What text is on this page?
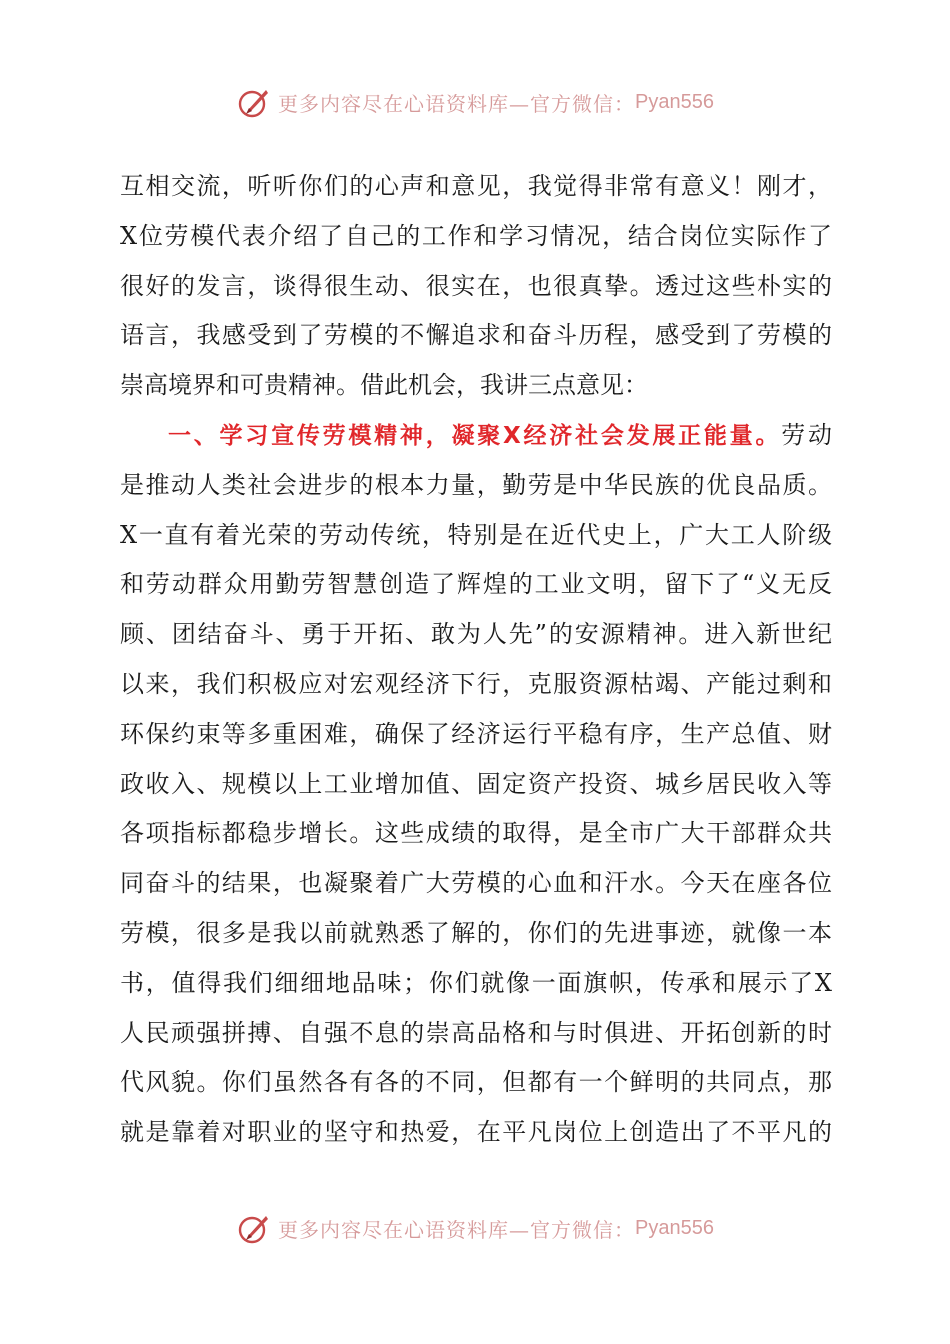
更多内容尽在心语资料库—官方微信： Pyan556
互相交流，听听你们的心声和意见，我觉得非常有意义！刚才，
X位劳模代表介绍了自己的工作和学习情况，结合岗位实际作了
很好的发言，谈得很生动、很实在，也很真挚。透过这些朴实的
语言，我感受到了劳模的不懈追求和奋斗历程，感受到了劳模的
崇高境界和可贵精神。借此机会，我讲三点意见：
一、学习宣传劳模精神，凝聚X经济社会发展正能量。劳动
是推动人类社会进步的根本力量，勤劳是中华民族的优良品质。
X一直有着光荣的劳动传统，特别是在近代史上，广大工人阶级
和劳动群众用勤劳智慧创造了辉煌的工业文明，留下了“义无反
顾、团结奋斗、勇于开拓、敢为人先”的安源精神。进入新世纪
以来，我们积极应对宏观经济下行，克服资源枯竭、产能过剩和
环保约束等多重困难，确保了经济运行平稳有序，生产总值、财
政收入、规模以上工业增加值、固定资产投资、城乡居民收入等
各项指标都稳步增长。这些成绩的取得，是全市广大干部群众共
同奋斗的结果，也凝聚着广大劳模的心血和汗水。今天在座各位
劳模，很多是我以前就熟悉了解的，你们的先进事迹，就像一本
书，值得我们细细地品味；你们就像一面旗帜，传承和展示了X
人民顽强拼搏、自强不息的崇高品格和与时俱进、开拓创新的时
代风貌。你们虽然各有各的不同，但都有一个鲜明的共同点，那
就是靠着对职业的坚守和热爱，在平凡岗位上创造出了不平凡的
更多内容尽在心语资料库—官方微信： Pyan556
